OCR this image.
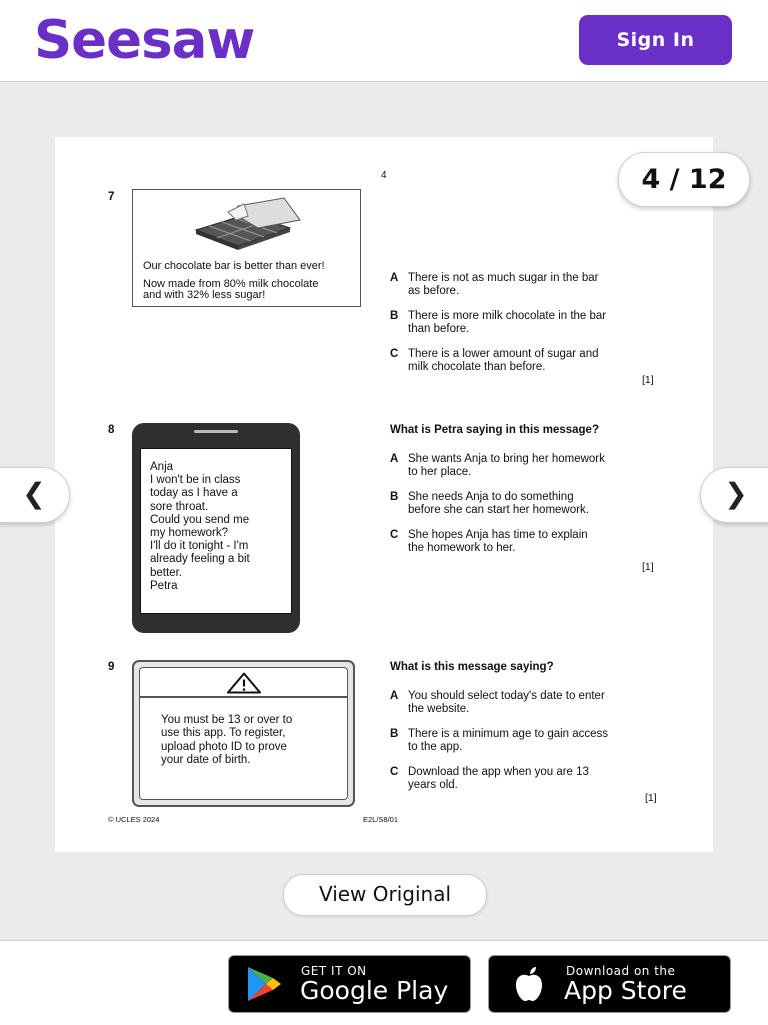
Seesaw	Sign In
4
7
Our chocolate bar is better than ever!
Now made from 80% milk chocolate
and with 32% less sugar!
A There is not as much sugar in the bar
as before.
B There is more milk chocolate in the bar
than before.
C There is a lower amount of sugar and
milk chocolate than before.
[1]
8
Anja
I won't be in class
today as I have a
sore throat.
Could you send me
my homework?
I'll do it tonight - I'm
already feeling a bit
better.
Petra
What is Petra saying in this message?
A She wants Anja to bring her homework
to her place.
B She needs Anja to do something
before she can start her homework.
C She hopes Anja has time to explain
the homework to her.
[1]
9
You must be 13 or over to
use this app. To register,
upload photo ID to prove
your date of birth.
What is this message saying?
A You should select today's date to enter
the website.
B There is a minimum age to gain access
to the app.
C Download the app when you are 13
years old.
[1]
© UCLES 2024	E2L/S8/01
4 / 12
❮	❯
View Original
GET IT ON
Google Play
Download on the
App Store
